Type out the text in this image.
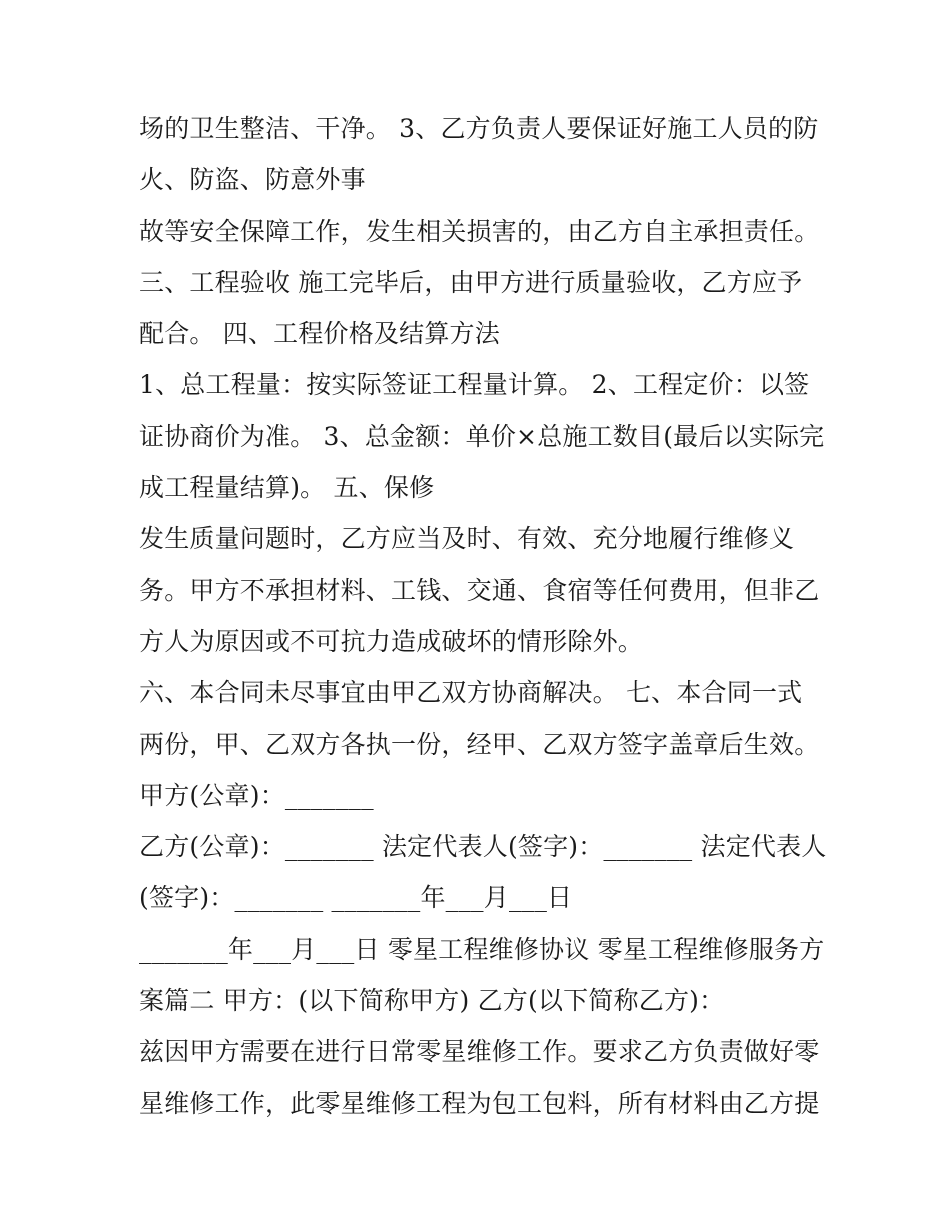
场的卫生整洁、干净。 3、乙方负责人要保证好施工人员的防
火、防盗、防意外事
故等安全保障工作，发生相关损害的，由乙方自主承担责任。
三、工程验收 施工完毕后，由甲方进行质量验收，乙方应予
配合。 四、工程价格及结算方法
1、总工程量：按实际签证工程量计算。 2、工程定价：以签
证协商价为准。 3、总金额：单价×总施工数目(最后以实际完
成工程量结算)。 五、保修
发生质量问题时，乙方应当及时、有效、充分地履行维修义
务。甲方不承担材料、工钱、交通、食宿等任何费用，但非乙
方人为原因或不可抗力造成破坏的情形除外。
六、本合同未尽事宜由甲乙双方协商解决。 七、本合同一式
两份，甲、乙双方各执一份，经甲、乙双方签字盖章后生效。
甲方(公章)：_______
乙方(公章)：_______ 法定代表人(签字)：_______ 法定代表人
(签字)：_______ _______年___月___日
_______年___月___日 零星工程维修协议 零星工程维修服务方
案篇二 甲方：(以下简称甲方) 乙方(以下简称乙方)：
兹因甲方需要在进行日常零星维修工作。要求乙方负责做好零
星维修工作，此零星维修工程为包工包料，所有材料由乙方提
